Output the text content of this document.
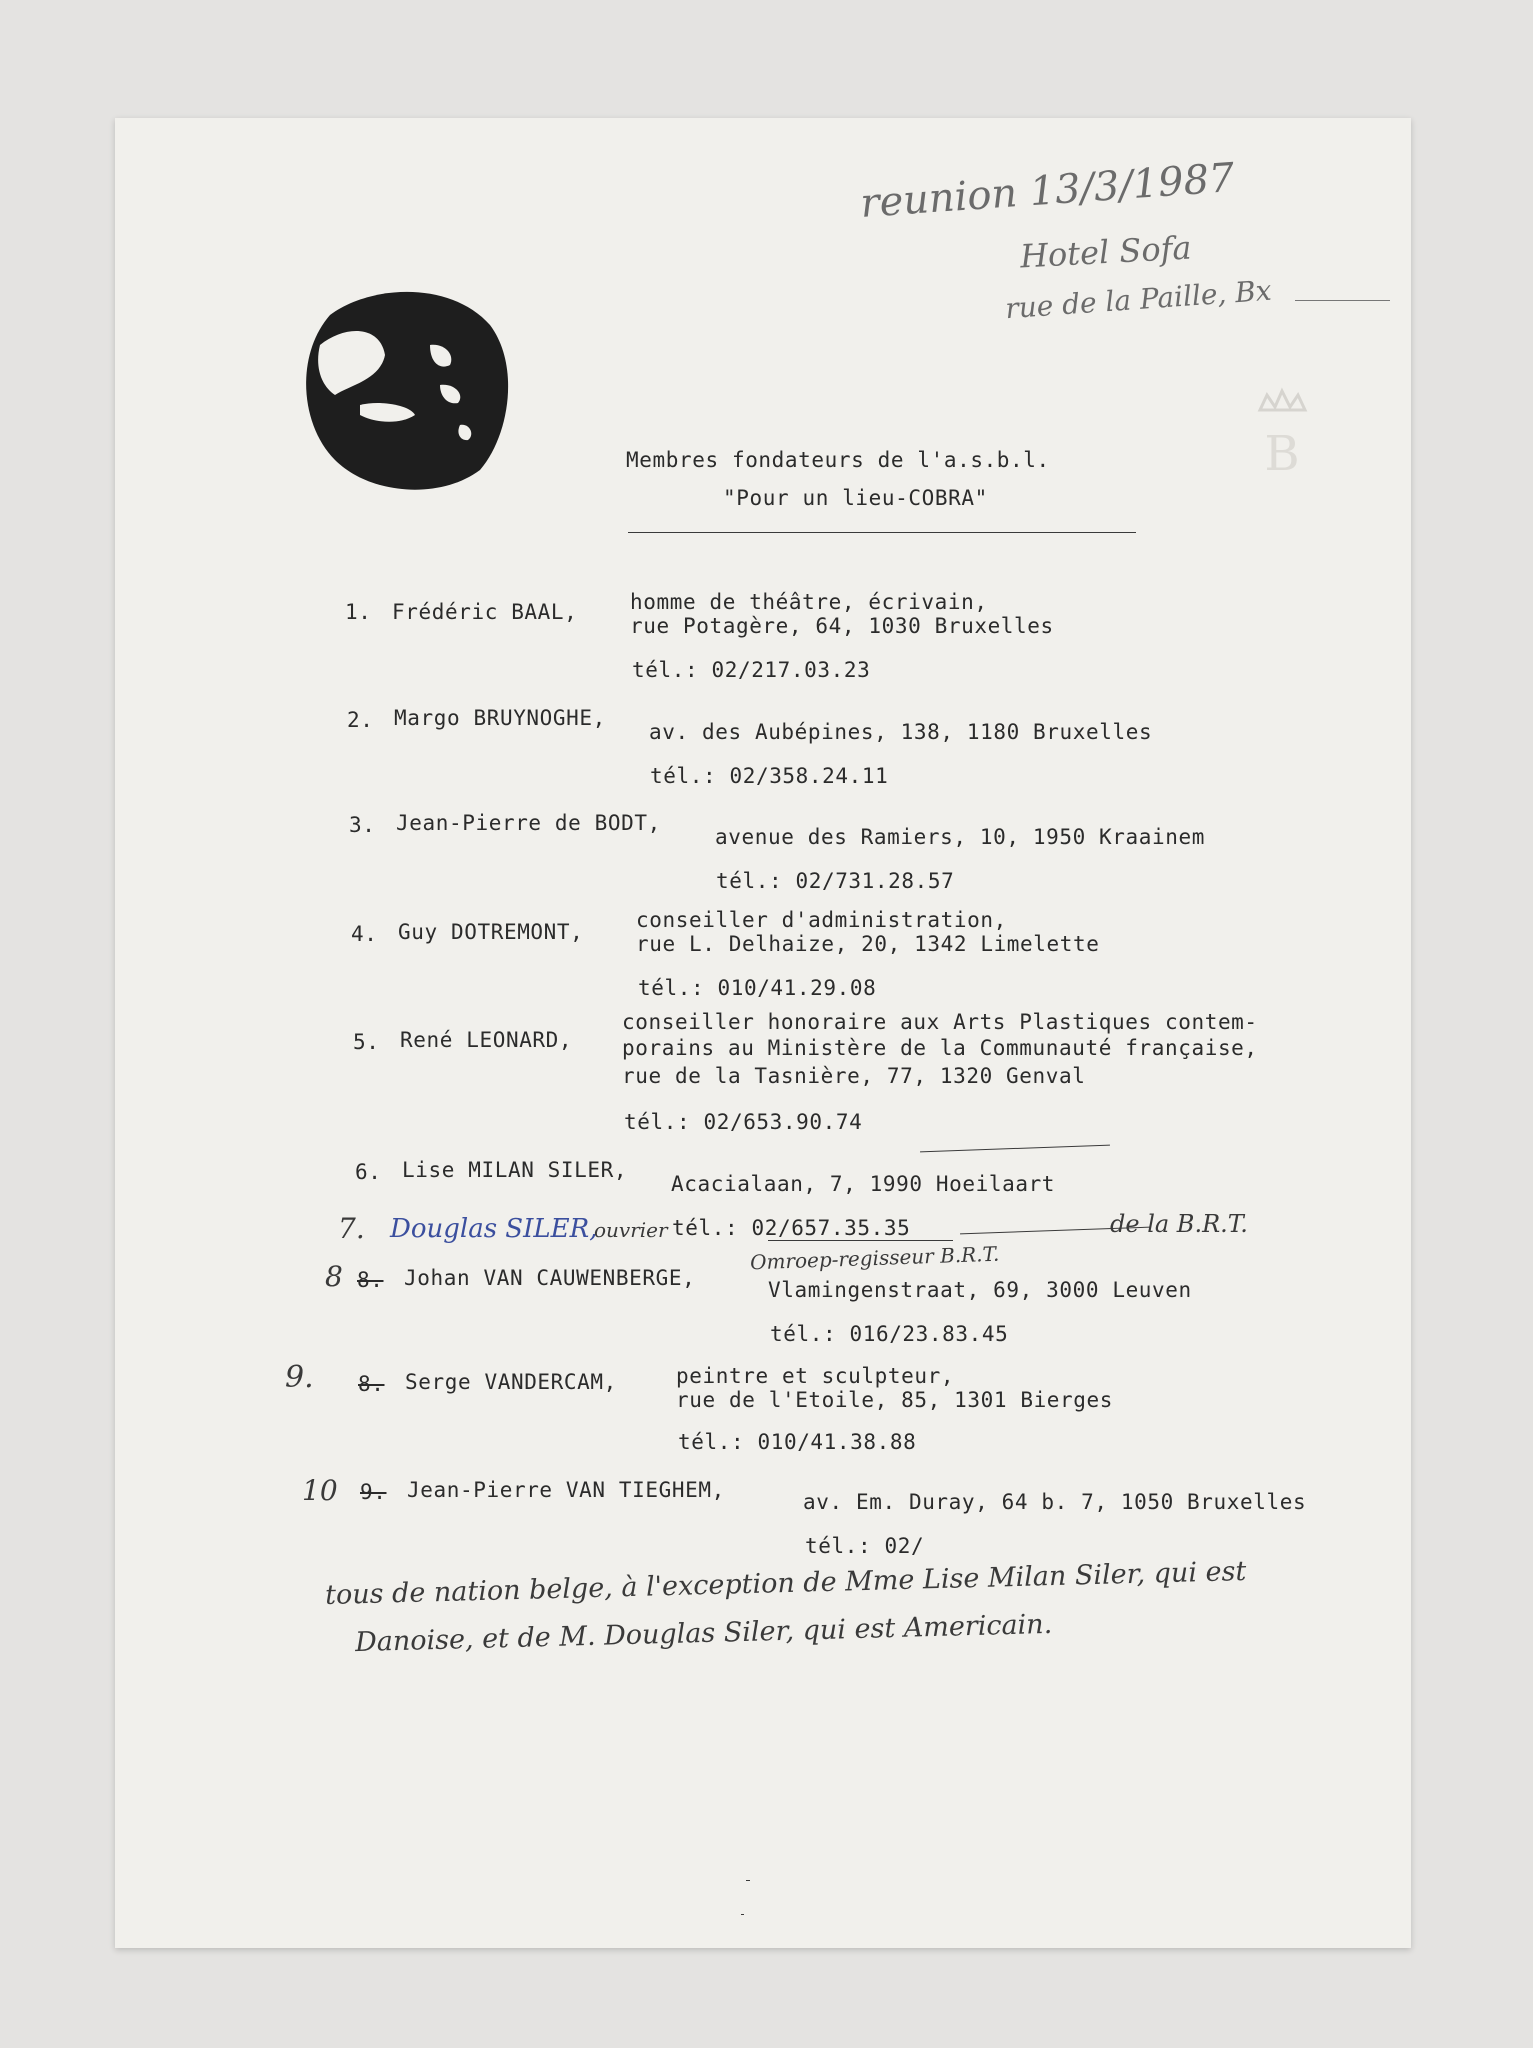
reunion 13/3/1987
Hotel Sofa
rue de la Paille, Bx
B
Membres fondateurs de l'a.s.b.l.
"Pour un lieu-COBRA"
1. Frédéric BAAL,	homme de théâtre, écrivain,
rue Potagère, 64, 1030 Bruxelles
tél.: 02/217.03.23
2. Margo BRUYNOGHE,
av. des Aubépines, 138, 1180 Bruxelles
tél.: 02/358.24.11
3. Jean-Pierre de BODT,
avenue des Ramiers, 10, 1950 Kraainem
tél.: 02/731.28.57
4. Guy DOTREMONT,	conseiller d'administration,
rue L. Delhaize, 20, 1342 Limelette
tél.: 010/41.29.08
5. René LEONARD,
conseiller honoraire aux Arts Plastiques contem-
porains au Ministère de la Communauté française,
rue de la Tasnière, 77, 1320 Genval
tél.: 02/653.90.74
6. Lise MILAN SILER,
Acacialaan, 7, 1990 Hoeilaart
tél.: 02/657.35.35
7. Douglas SILER,
ouvrier	de la B.R.T.
8 8. Johan VAN CAUWENBERGE,
Omroep-regisseur B.R.T.
Vlamingenstraat, 69, 3000 Leuven
tél.: 016/23.83.45
9. 8. Serge VANDERCAM,	peintre et sculpteur,
rue de l'Etoile, 85, 1301 Bierges
tél.: 010/41.38.88
10 9. Jean-Pierre VAN TIEGHEM,	av. Em. Duray, 64 b. 7, 1050 Bruxelles
tél.: 02/
tous de nation belge, à l'exception de Mme Lise Milan Siler, qui est
Danoise, et de M. Douglas Siler, qui est Americain.
